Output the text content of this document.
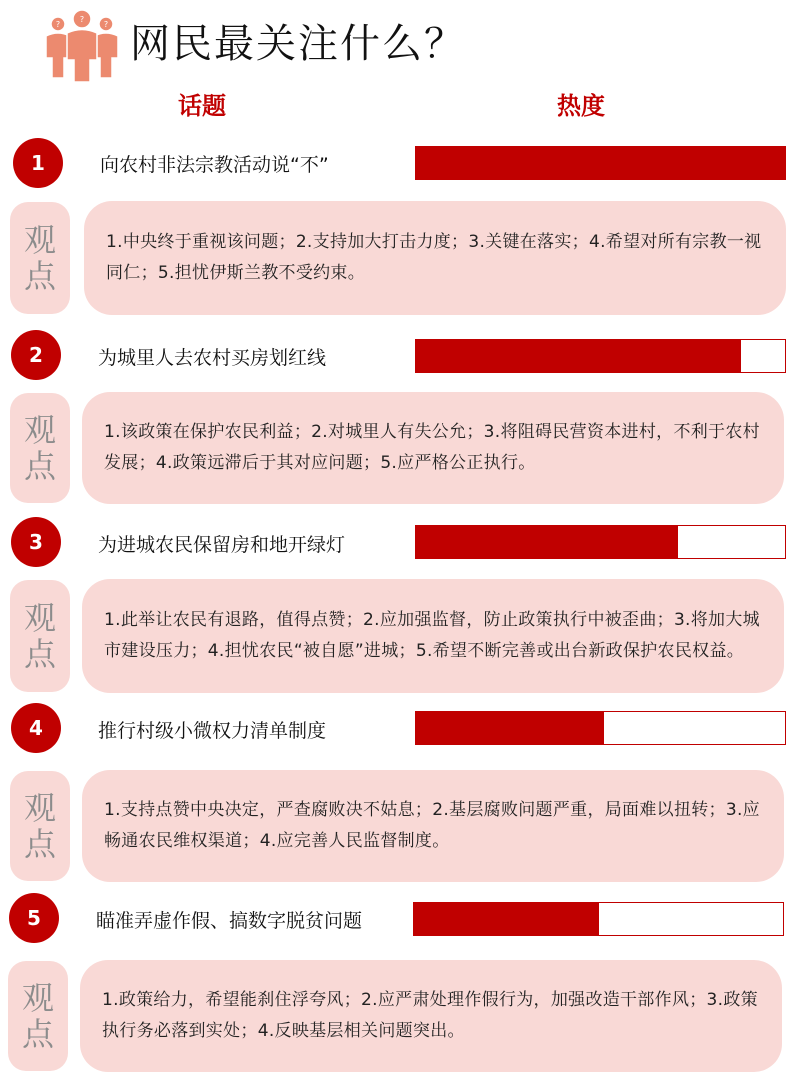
?
?
? 网民最关注什么？
话题	热度
1	向农村非法宗教活动说“不”
观
点
1.中央终于重视该问题；2.支持加大打击力度；3.关键在落实；4.希望对所有宗教一视同仁；5.担忧伊斯兰教不受约束。
2	为城里人去农村买房划红线
观
点
1.该政策在保护农民利益；2.对城里人有失公允；3.将阻碍民营资本进村，不利于农村发展；4.政策远滞后于其对应问题；5.应严格公正执行。
3	为进城农民保留房和地开绿灯
观
点
1.此举让农民有退路，值得点赞；2.应加强监督，防止政策执行中被歪曲；3.将加大城市建设压力；4.担忧农民“被自愿”进城；5.希望不断完善或出台新政保护农民权益。
4	推行村级小微权力清单制度
观
点
1.支持点赞中央决定，严查腐败决不姑息；2.基层腐败问题严重，局面难以扭转；3.应畅通农民维权渠道；4.应完善人民监督制度。
5	瞄准弄虚作假、搞数字脱贫问题
观
点
1.政策给力，希望能刹住浮夸风；2.应严肃处理作假行为，加强改造干部作风；3.政策执行务必落到实处；4.反映基层相关问题突出。
